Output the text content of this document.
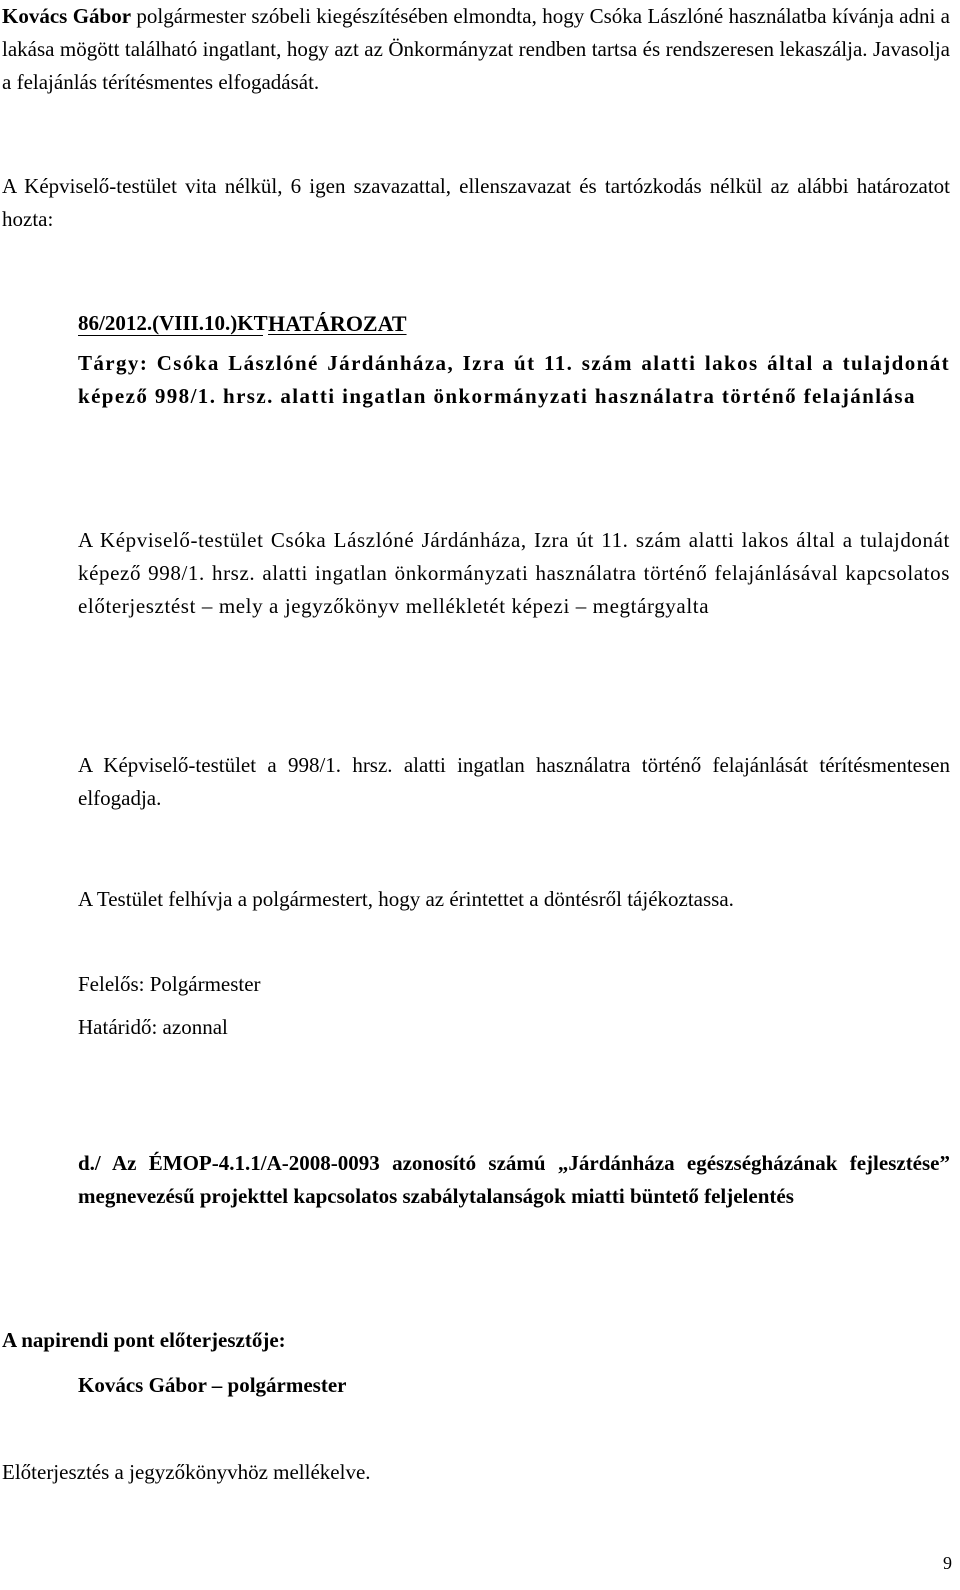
Kovács Gábor polgármester szóbeli kiegészítésében elmondta, hogy Csóka Lászlóné használatba kívánja adni a lakása mögött található ingatlant, hogy azt az Önkormányzat rendben tartsa és rendszeresen lekaszálja. Javasolja a felajánlás térítésmentes elfogadását.

A Képviselő-testület vita nélkül, 6 igen szavazattal, ellenszavazat és tartózkodás nélkül az alábbi határozatot hozta:

86/2012.(VIII.10.)KT HATÁROZAT

Tárgy: Csóka Lászlóné Járdánháza, Izra út 11. szám alatti lakos által a tulajdonát képező 998/1. hrsz. alatti ingatlan önkormányzati használatra történő felajánlása

A Képviselő-testület Csóka Lászlóné Járdánháza, Izra út 11. szám alatti lakos által a tulajdonát képező 998/1. hrsz. alatti ingatlan önkormányzati használatra történő felajánlásával kapcsolatos előterjesztést – mely a jegyzőkönyv mellékletét képezi – megtárgyalta

A Képviselő-testület a 998/1. hrsz. alatti ingatlan használatra történő felajánlását térítésmentesen elfogadja.

A Testület felhívja a polgármestert, hogy az érintettet a döntésről tájékoztassa.

Felelős: Polgármester

Határidő: azonnal

d./ Az ÉMOP-4.1.1/A-2008-0093 azonosító számú „Járdánháza egészségházának fejlesztése” megnevezésű projekttel kapcsolatos szabálytalanságok miatti büntető feljelentés

A napirendi pont előterjesztője:

Kovács Gábor – polgármester

Előterjesztés a jegyzőkönyvhöz mellékelve.

9
